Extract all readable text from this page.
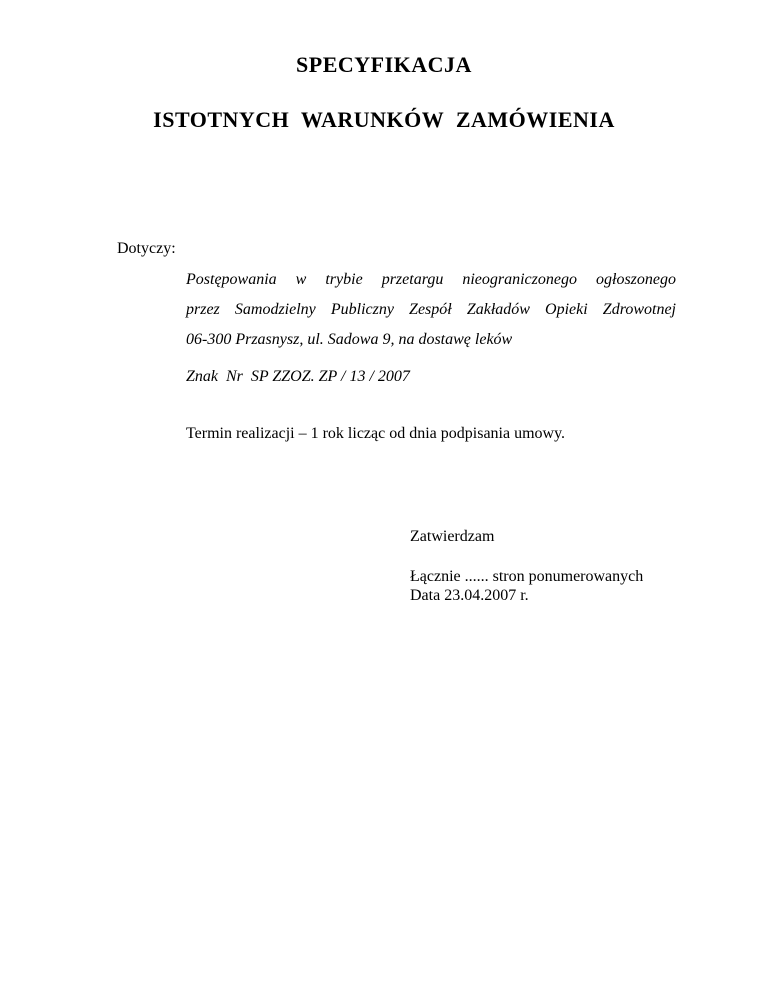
SPECYFIKACJA
ISTOTNYCH WARUNKÓW ZAMÓWIENIA
Dotyczy:
Postępowania w trybie przetargu nieograniczonego ogłoszonego
przez Samodzielny Publiczny Zespół Zakładów Opieki Zdrowotnej
06-300 Przasnysz, ul. Sadowa 9, na dostawę leków
Znak  Nr  SP ZZOZ. ZP / 13 / 2007
Termin realizacji – 1 rok licząc od dnia podpisania umowy.
Zatwierdzam
Łącznie ...... stron ponumerowanych
Data 23.04.2007 r.
